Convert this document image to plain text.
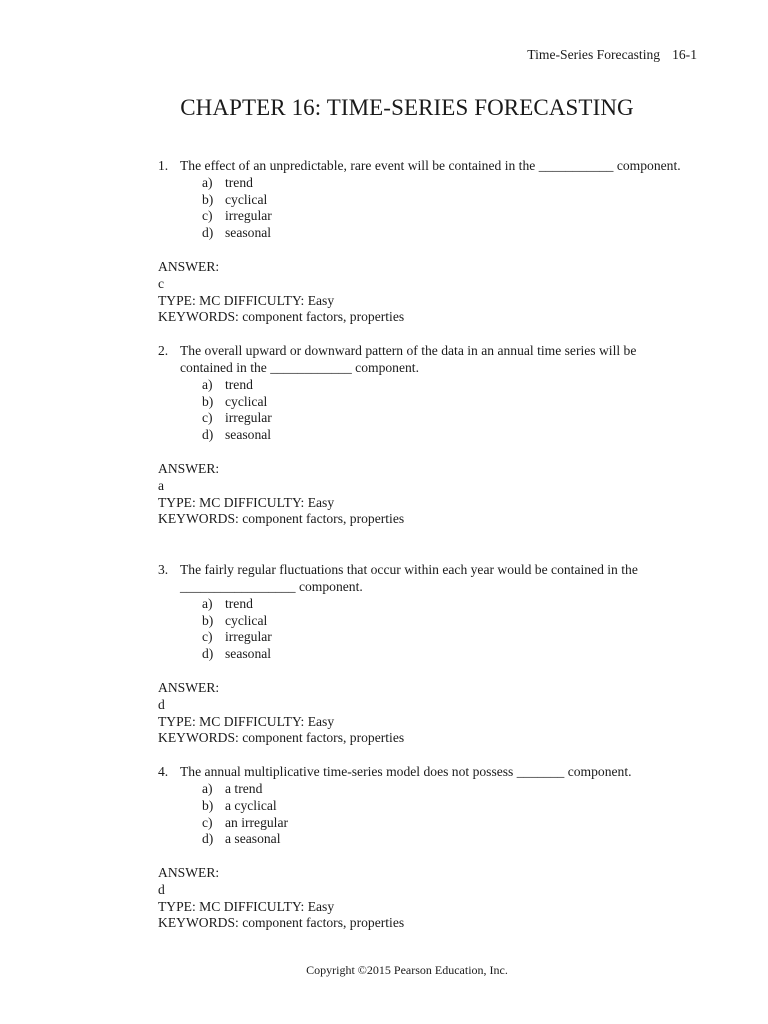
Time-Series Forecasting 16-1
CHAPTER 16: TIME-SERIES FORECASTING
1. The effect of an unpredictable, rare event will be contained in the ___________ component.
a) trend
b) cyclical
c) irregular
d) seasonal
ANSWER:
c
TYPE: MC DIFFICULTY: Easy
KEYWORDS: component factors, properties
2. The overall upward or downward pattern of the data in an annual time series will be
contained in the ____________ component.
a) trend
b) cyclical
c) irregular
d) seasonal
ANSWER:
a
TYPE: MC DIFFICULTY: Easy
KEYWORDS: component factors, properties
3. The fairly regular fluctuations that occur within each year would be contained in the
_________________ component.
a) trend
b) cyclical
c) irregular
d) seasonal
ANSWER:
d
TYPE: MC DIFFICULTY: Easy
KEYWORDS: component factors, properties
4. The annual multiplicative time-series model does not possess _______ component.
a) a trend
b) a cyclical
c) an irregular
d) a seasonal
ANSWER:
d
TYPE: MC DIFFICULTY: Easy
KEYWORDS: component factors, properties
Copyright ©2015 Pearson Education, Inc.
